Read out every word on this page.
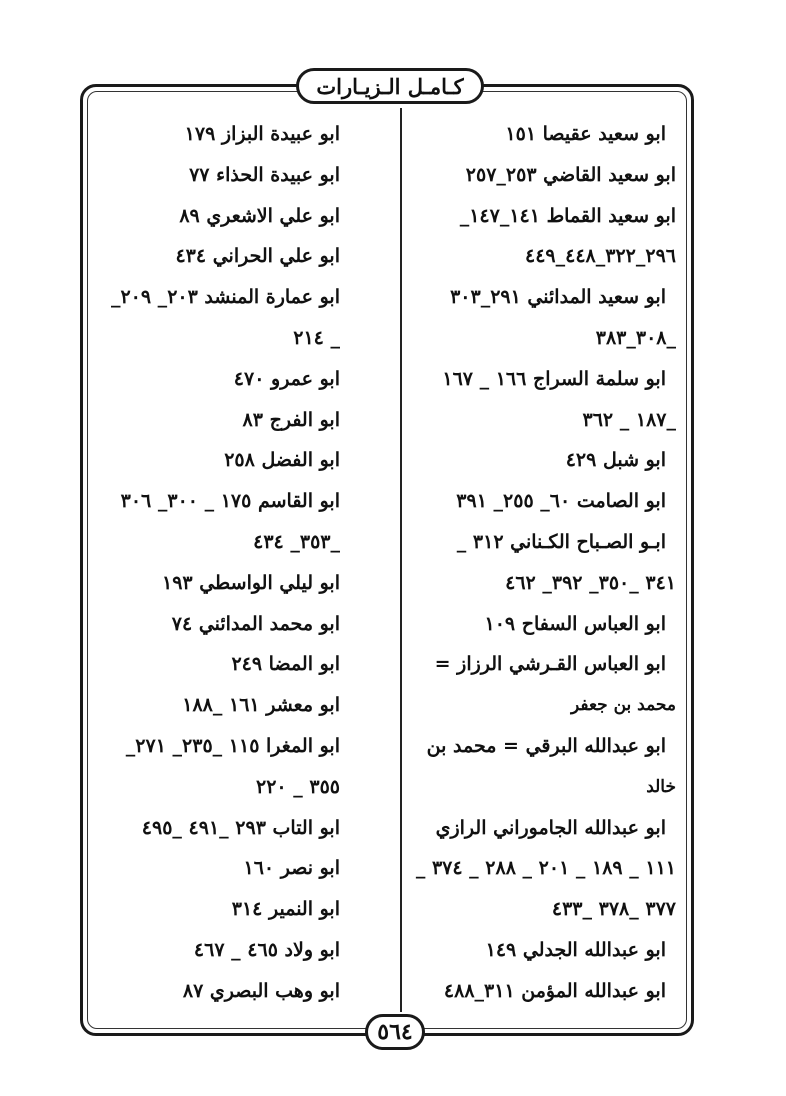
كـامـل الـزيـارات
ابو سعيد عقيصا ١٥١
ابو سعيد القاضي ٢٥٣_٢٥٧
ابو سعيد القماط ١٤١_١٤٧_
٢٩٦_٣٢٢_٤٤٨_٤٤٩
ابو سعيد المدائني ٢٩١_٣٠٣
_٣٠٨_٣٨٣
ابو سلمة السراج ١٦٦ _ ١٦٧
_١٨٧ _ ٣٦٢
ابو شبل ٤٢٩
ابو الصامت ٦٠_ ٢٥٥_ ٣٩١
ابـو الصـباح الكـناني ٣١٢ _
٣٤١ _٣٥٠_ ٣٩٢_ ٤٦٢
ابو العباس السفاح ١٠٩
ابو العباس القـرشي الرزاز =
محمد بن جعفر
ابو عبدالله البرقي = محمد بن
خالد
ابو عبدالله الجاموراني الرازي
١١١ _ ١٨٩ _ ٢٠١ _ ٢٨٨ _ ٣٧٤ _
٣٧٧ _٣٧٨ _٤٣٣
ابو عبدالله الجدلي ١٤٩
ابو عبدالله المؤمن ٣١١_٤٨٨
ابو عبيدة البزاز ١٧٩
ابو عبيدة الحذاء ٧٧
ابو علي الاشعري ٨٩
ابو علي الحراني ٤٣٤
ابو عمارة المنشد ٢٠٣_ ٢٠٩_
_ ٢١٤
ابو عمرو ٤٧٠
ابو الفرج ٨٣
ابو الفضل ٢٥٨
ابو القاسم ١٧٥ _ ٣٠٠_ ٣٠٦
_٣٥٣_ ٤٣٤
ابو ليلي الواسطي ١٩٣
ابو محمد المدائني ٧٤
ابو المضا ٢٤٩
ابو معشر ١٦١ _١٨٨
ابو المغرا ١١٥ _٢٣٥_ ٢٧١_
٣٥٥ _ ٢٢٠
ابو التاب ٢٩٣ _٤٩١ _٤٩٥
ابو نصر ١٦٠
ابو النمير ٣١٤
ابو ولاد ٤٦٥ _ ٤٦٧
ابو وهب البصري ٨٧
٥٦٤
